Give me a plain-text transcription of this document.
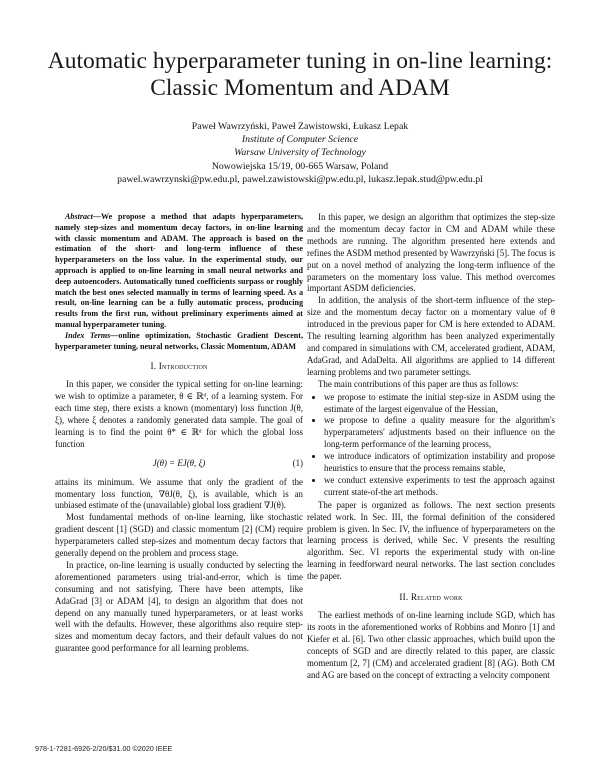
Automatic hyperparameter tuning in on-line learning: Classic Momentum and ADAM
Paweł Wawrzyński, Paweł Zawistowski, Łukasz Lepak
Institute of Computer Science
Warsaw University of Technology
Nowowiejska 15/19, 00-665 Warsaw, Poland
pawel.wawrzynski@pw.edu.pl, pawel.zawistowski@pw.edu.pl, lukasz.lepak.stud@pw.edu.pl

Abstract—We propose a method that adapts hyperparameters, namely step-sizes and momentum decay factors, in on-line learning with classic momentum and ADAM. The approach is based on the estimation of the short- and long-term influence of these hyperparameters on the loss value. In the experimental study, our approach is applied to on-line learning in small neural networks and deep autoencoders. Automatically tuned coefficients surpass or roughly match the best ones selected manually in terms of learning speed. As a result, on-line learning can be a fully automatic process, producing results from the first run, without preliminary experiments aimed at manual hyperparameter tuning.

Index Terms—online optimization, Stochastic Gradient Descent, hyperparameter tuning, neural networks, Classic Momentum, ADAM

I. Introduction

In this paper, we consider the typical setting for on-line learning: we wish to optimize a parameter, θ ∈ ℝᵈ, of a learning system. For each time step, there exists a known (momentary) loss function J(θ, ξ), where ξ denotes a randomly generated data sample. The goal of learning is to find the point θ* ∈ ℝᵈ for which the global loss function

J(θ) = EJ(θ, ξ)	(1)

attains its minimum. We assume that only the gradient of the momentary loss function, ∇θJ(θ, ξ), is available, which is an unbiased estimate of the (unavailable) global loss gradient ∇J(θ).

Most fundamental methods of on-line learning, like stochastic gradient descent [1] (SGD) and classic momentum [2] (CM) require hyperparameters called step-sizes and momentum decay factors that generally depend on the problem and process stage.

In practice, on-line learning is usually conducted by selecting the aforementioned parameters using trial-and-error, which is time consuming and not satisfying. There have been attempts, like AdaGrad [3] or ADAM [4], to design an algorithm that does not depend on any manually tuned hyperparameters, or at least works well with the defaults. However, these algorithms also require step-sizes and momentum decay factors, and their default values do not guarantee good performance for all learning problems.

In this paper, we design an algorithm that optimizes the step-size and the momentum decay factor in CM and ADAM while these methods are running. The algorithm presented here extends and refines the ASDM method presented by Wawrzyński [5]. The focus is put on a novel method of analyzing the long-term influence of the parameters on the momentary loss value. This method overcomes important ASDM deficiencies.

In addition, the analysis of the short-term influence of the step-size and the momentum decay factor on a momentary value of θ introduced in the previous paper for CM is here extended to ADAM. The resulting learning algorithm has been analyzed experimentally and compared in simulations with CM, accelerated gradient, ADAM, AdaGrad, and AdaDelta. All algorithms are applied to 14 different learning problems and two parameter settings.

The main contributions of this paper are thus as follows:

• we propose to estimate the initial step-size in ASDM using the estimate of the largest eigenvalue of the Hessian,
• we propose to define a quality measure for the algorithm's hyperparameters' adjustments based on their influence on the long-term performance of the learning process,
• we introduce indicators of optimization instability and propose heuristics to ensure that the process remains stable,
• we conduct extensive experiments to test the approach against current state-of-the art methods.

The paper is organized as follows. The next section presents related work. In Sec. III, the formal definition of the considered problem is given. In Sec. IV, the influence of hyperparameters on the learning process is derived, while Sec. V presents the resulting algorithm. Sec. VI reports the experimental study with on-line learning in feedforward neural networks. The last section concludes the paper.

II. Related work

The earliest methods of on-line learning include SGD, which has its roots in the aforementioned works of Robbins and Monro [1] and Kiefer et al. [6]. Two other classic approaches, which build upon the concepts of SGD and are directly related to this paper, are classic momentum [2, 7] (CM) and accelerated gradient [8] (AG). Both CM and AG are based on the concept of extracting a velocity component

978-1-7281-6926-2/20/$31.00 ©2020 IEEE
